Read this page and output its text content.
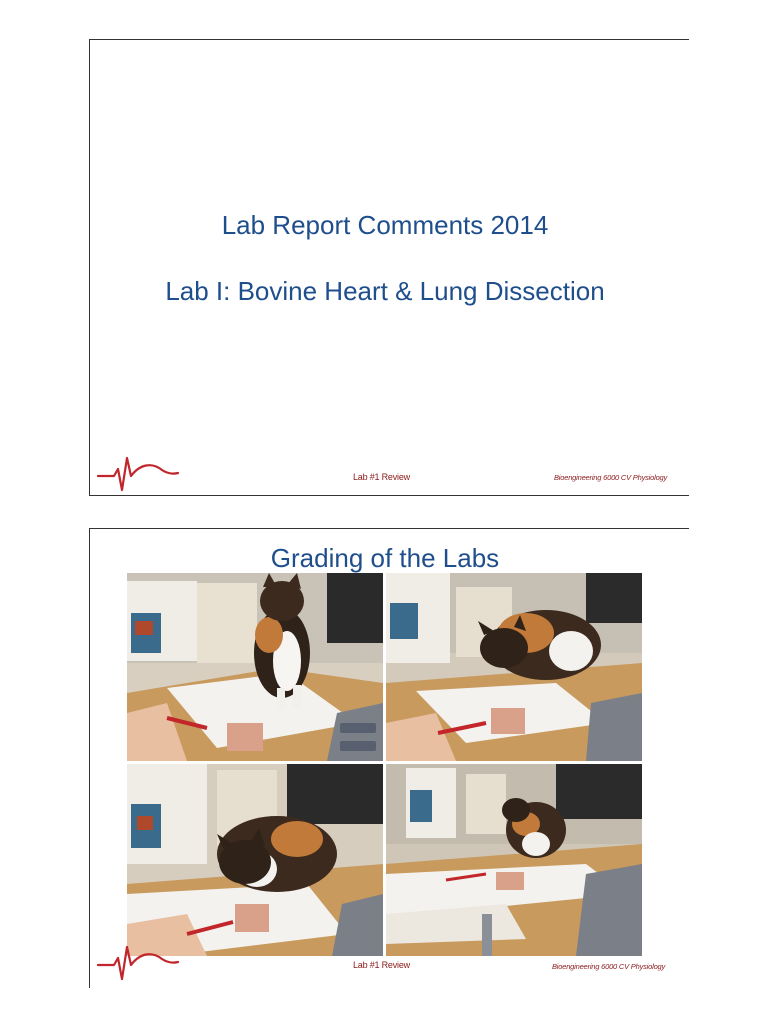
Lab Report Comments 2014
Lab I: Bovine Heart & Lung Dissection
Lab #1 Review	Bioengineering 6000 CV Physiology
Grading of the Labs
Lab #1 Review	Bioengineering 6000 CV Physiology
